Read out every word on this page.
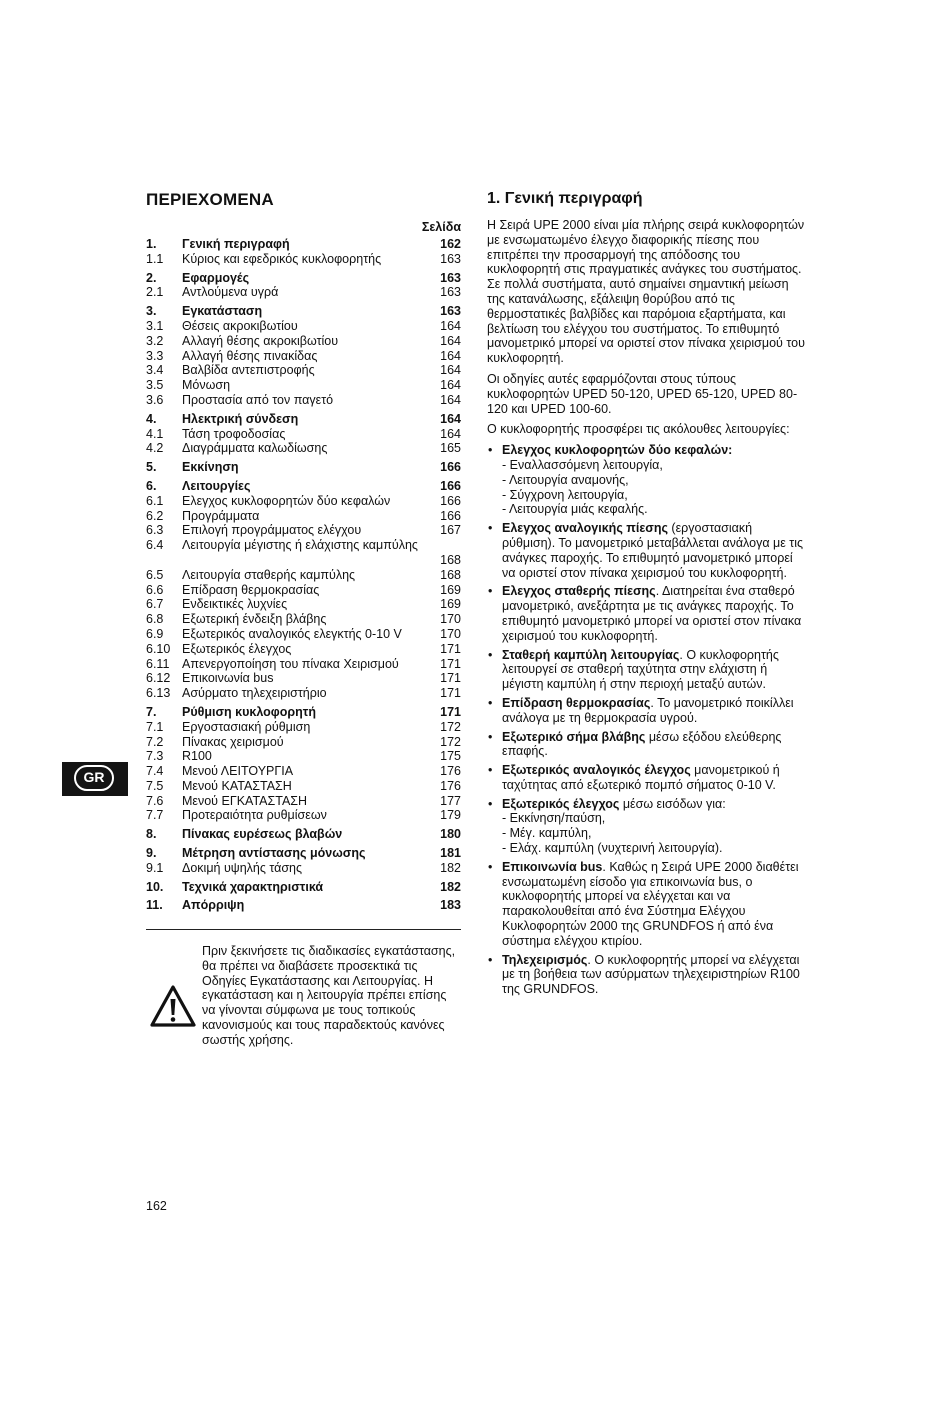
ΠΕΡΙΕΧΟΜΕΝΑ
Σελίδα
1. Γενική περιγραφή	162
1.1 Κύριος και εφεδρικός κυκλοφορητής	163
2. Εφαρμογές	163
2.1 Αντλούμενα υγρά	163
3. Εγκατάσταση	163
3.1 Θέσεις ακροκιβωτίου	164
3.2 Αλλαγή θέσης ακροκιβωτίου	164
3.3 Αλλαγή θέσης πινακίδας	164
3.4 Βαλβίδα αντεπιστροφής	164
3.5 Μόνωση	164
3.6 Προστασία από τον παγετό	164
4. Ηλεκτρική σύνδεση	164
4.1 Τάση τροφοδοσίας	164
4.2 Διαγράμματα καλωδίωσης	165
5. Εκκίνηση	166
6. Λειτουργίες	166
6.1 Ελεγχος κυκλοφορητών δύο κεφαλών	166
6.2 Προγράμματα	166
6.3 Επιλογή προγράμματος ελέγχου	167
6.4 Λειτουργία μέγιστης ή ελάχιστης καμπύλης
168
6.5 Λειτουργία σταθερής καμπύλης	168
6.6 Επίδραση θερμοκρασίας	169
6.7 Ενδεικτικές λυχνίες	169
6.8 Εξωτερική ένδειξη βλάβης	170
6.9 Εξωτερικός αναλογικός ελεγκτής 0-10 V	170
6.10 Εξωτερικός έλεγχος	171
6.11 Απενεργοποίηση του πίνακα Χειρισμού	171
6.12 Επικοινωνία bus	171
6.13 Ασύρματο τηλεχειριστήριο	171
7. Ρύθμιση κυκλοφορητή	171
7.1 Εργοστασιακή ρύθμιση	172
7.2 Πίνακας χειρισμού	172
7.3 R100	175
7.4 Μενού ΛΕΙΤΟΥΡΓΙΑ	176
7.5 Μενού ΚΑΤΑΣΤΑΣΗ	176
7.6 Μενού ΕΓΚΑΤΑΣΤΑΣΗ	177
7.7 Προτεραιότητα ρυθμίσεων	179
8. Πίνακας ευρέσεως βλαβών	180
9. Μέτρηση αντίστασης μόνωσης	181
9.1 Δοκιμή υψηλής τάσης	182
10. Τεχνικά χαρακτηριστικά	182
11. Απόρριψη	183

Πριν ξεκινήσετε τις διαδικασίες εγκατάστασης, θα πρέπει να διαβάσετε προσεκτικά τις Οδηγίες Εγκατάστασης και Λειτουργίας. Η εγκατάσταση και η λειτουργία πρέπει επίσης να γίνονται σύμφωνα με τους τοπικούς κανονισμούς και τους παραδεκτούς κανόνες σωστής χρήσης.

GR
162
1. Γενική περιγραφή

Η Σειρά UPE 2000 είναι μία πλήρης σειρά κυκλοφορητών με ενσωματωμένο έλεγχο διαφορικής πίεσης που επιτρέπει την προσαρμογή της απόδοσης του κυκλοφορητή στις πραγματικές ανάγκες του συστήματος. Σε πολλά συστήματα, αυτό σημαίνει σημαντική μείωση της κατανάλωσης, εξάλειψη θορύβου από τις θερμοστατικές βαλβίδες και παρόμοια εξαρτήματα, και βελτίωση του ελέγχου του συστήματος. Το επιθυμητό μανομετρικό μπορεί να οριστεί στον πίνακα χειρισμού του κυκλοφορητή.

Οι οδηγίες αυτές εφαρμόζονται στους τύπους κυκλοφορητών UPED 50-120, UPED 65-120, UPED 80-120 και UPED 100-60.

Ο κυκλοφορητής προσφέρει τις ακόλουθες λειτουργίες:

• Ελεγχος κυκλοφορητών δύο κεφαλών:
- Εναλλασσόμενη λειτουργία,
- Λειτουργία αναμονής,
- Σύγχρονη λειτουργία,
- Λειτουργία μιάς κεφαλής.
• Ελεγχος αναλογικής πίεσης (εργοστασιακή ρύθμιση). Το μανομετρικό μεταβάλλεται ανάλογα με τις ανάγκες παροχής. Το επιθυμητό μανομετρικό μπορεί να οριστεί στον πίνακα χειρισμού του κυκλοφορητή.
• Ελεγχος σταθερής πίεσης. Διατηρείται ένα σταθερό μανομετρικό, ανεξάρτητα με τις ανάγκες παροχής. Το επιθυμητό μανομετρικό μπορεί να οριστεί στον πίνακα χειρισμού του κυκλοφορητή.
• Σταθερή καμπύλη λειτουργίας. Ο κυκλοφορητής λειτουργεί σε σταθερή ταχύτητα στην ελάχιστη ή μέγιστη καμπύλη ή στην περιοχή μεταξύ αυτών.
• Επίδραση θερμοκρασίας. Το μανομετρικό ποικίλλει ανάλογα με τη θερμοκρασία υγρού.
• Εξωτερικό σήμα βλάβης μέσω εξόδου ελεύθερης επαφής.
• Εξωτερικός αναλογικός έλεγχος μανομετρικού ή ταχύτητας από εξωτερικό πομπό σήματος 0-10 V.
• Εξωτερικός έλεγχος μέσω εισόδων για:
- Εκκίνηση/παύση,
- Μέγ. καμπύλη,
- Ελάχ. καμπύλη (νυχτερινή λειτουργία).
• Επικοινωνία bus. Καθώς η Σειρά UPE 2000 διαθέτει ενσωματωμένη είσοδο για επικοινωνία bus, ο κυκλοφορητής μπορεί να ελέγχεται και να παρακολουθείται από ένα Σύστημα Ελέγχου Κυκλοφορητών 2000 της GRUNDFOS ή από ένα σύστημα ελέγχου κτιρίου.
• Τηλεχειρισμός. Ο κυκλοφορητής μπορεί να ελέγχεται με τη βοήθεια των ασύρματων τηλεχειριστηρίων R100 της GRUNDFOS.
